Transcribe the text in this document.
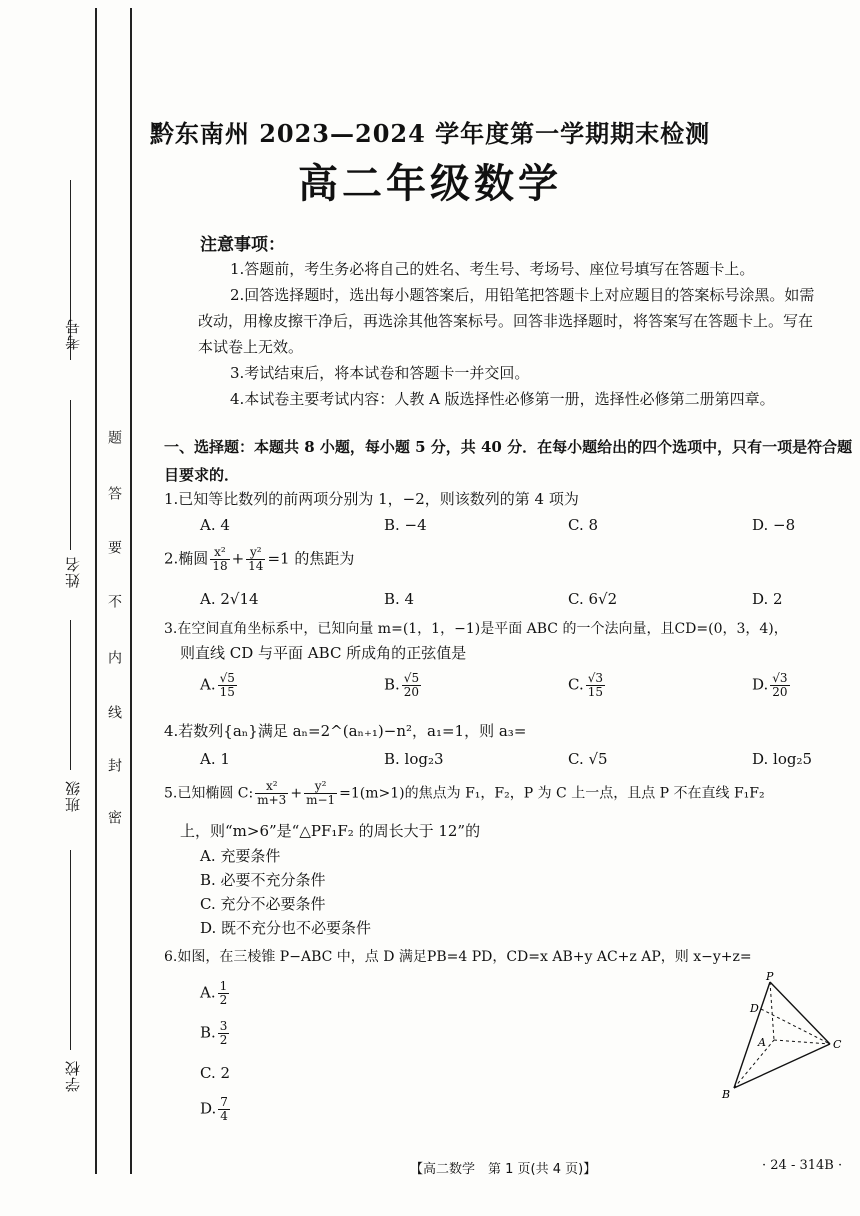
考号
姓名
班级
学校
题
答
要
不
内
线
封
密
黔东南州 2023—2024 学年度第一学期期末检测
高二年级数学
注意事项：
1.答题前，考生务必将自己的姓名、考生号、考场号、座位号填写在答题卡上。
2.回答选择题时，选出每小题答案后，用铅笔把答题卡上对应题目的答案标号涂黑。如需改动，用橡皮擦干净后，再选涂其他答案标号。回答非选择题时，将答案写在答题卡上。写在本试卷上无效。
3.考试结束后，将本试卷和答题卡一并交回。
4.本试卷主要考试内容：人教 A 版选择性必修第一册，选择性必修第二册第四章。
一、选择题：本题共 8 小题，每小题 5 分，共 40 分．在每小题给出的四个选项中，只有一项是符合题目要求的．
1.已知等比数列的前两项分别为 1，−2，则该数列的第 4 项为
A. 4	B. −4	C. 8	D. −8
2.椭圆 $\frac{\text{x²}}{18} + \frac{\text{y²}}{14} =1$ 的焦距为
A. 2√14	B. 4	C. 6√2	D. 2
3.在空间直角坐标系中，已知向量 m=(1，1，−1)是平面 ABC 的一个法向量，且CD=(0，3，4)，
则直线 CD 与平面 ABC 所成角的正弦值是
A. $\frac{√5}{15}$	B. $\frac{√5}{20}$	C. $\frac{√3}{15}$	D. $\frac{√3}{20}$
4.若数列{aₙ}满足 aₙ=2^(aₙ₊₁)−n²，a₁=1，则 a₃=
A. 1	B. log₂3	C. √5	D. log₂5
5.已知椭圆 C: $\frac{\text{x²}}{m+3} + \frac{\text{y²}}{m-1} =1(m>1)$的焦点为 F₁，F₂，P 为 C 上一点，且点 P 不在直线 F₁F₂
上，则“m>6”是“△PF₁F₂ 的周长大于 12”的
A. 充要条件
B. 必要不充分条件
C. 充分不必要条件
D. 既不充分也不必要条件
6.如图，在三棱锥 P−ABC 中，点 D 满足PB=4 PD，CD=x AB+y AC+z AP，则 x−y+z=
A. $\frac{1}{2}$
B. $\frac{3}{2}$
C. 2
D. $\frac{7}{4}$
P
D
A
B
C
【高二数学　第 1 页(共 4 页)】	· 24 - 314B ·
